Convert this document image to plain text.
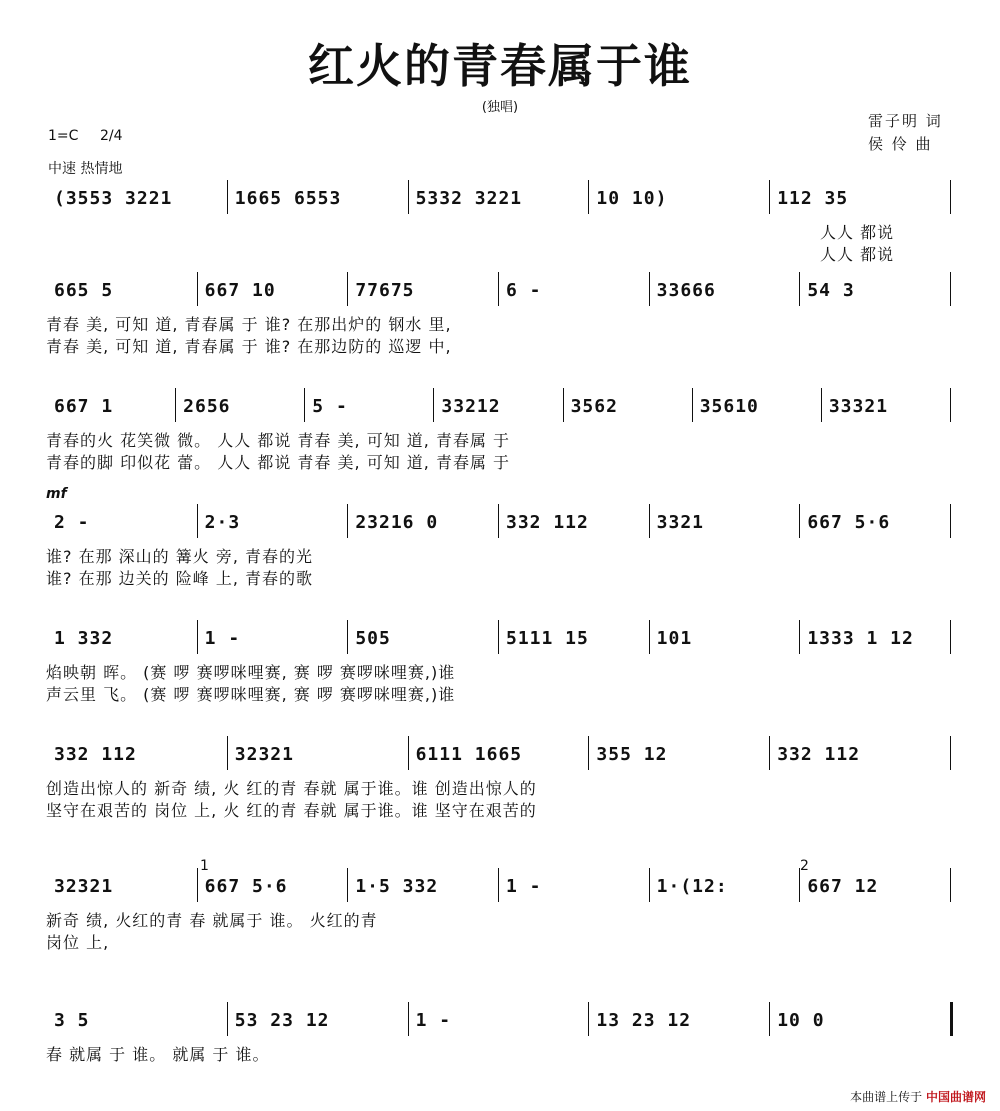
红火的青春属于谁
(独唱)
1=C 2/4
中速 热情地
雷子明 词
侯 伶 曲
mf
1	2
(3553 3221	1665 6553	5332 3221	10 10)	112 35
人人 都说
人人 都说
665 5	667 10	77675	6 -	33666	54 3
青春 美, 可知 道, 青春属 于 谁? 在那出炉的 钢水 里,
青春 美, 可知 道, 青春属 于 谁? 在那边防的 巡逻 中,
667 1	2656	5 -	33212	3562	35610	33321
青春的火 花笑微 微。 人人 都说 青春 美, 可知 道, 青春属 于
青春的脚 印似花 蕾。 人人 都说 青春 美, 可知 道, 青春属 于
2 -	2·3	23216 0	332 112	3321	667 5·6
谁? 在那 深山的 篝火 旁, 青春的光
谁? 在那 边关的 险峰 上, 青春的歌
1 332	1 -	505	5111 15	101	1333 1 12
焰映朝 晖。 (赛 啰 赛啰咪哩赛, 赛 啰 赛啰咪哩赛,)谁
声云里 飞。 (赛 啰 赛啰咪哩赛, 赛 啰 赛啰咪哩赛,)谁
332 112	32321	6111 1665	355 12	332 112
创造出惊人的 新奇 绩, 火 红的青 春就 属于谁。谁 创造出惊人的
坚守在艰苦的 岗位 上, 火 红的青 春就 属于谁。谁 坚守在艰苦的
32321	667 5·6	1·5 332	1 -	1·(12:	667 12
新奇 绩, 火红的青 春 就属于 谁。 火红的青
岗位 上,
3 5	53 23 12	1 -	13 23 12	10 0
春 就属 于 谁。 就属 于 谁。
本曲谱上传于 中国曲谱网
